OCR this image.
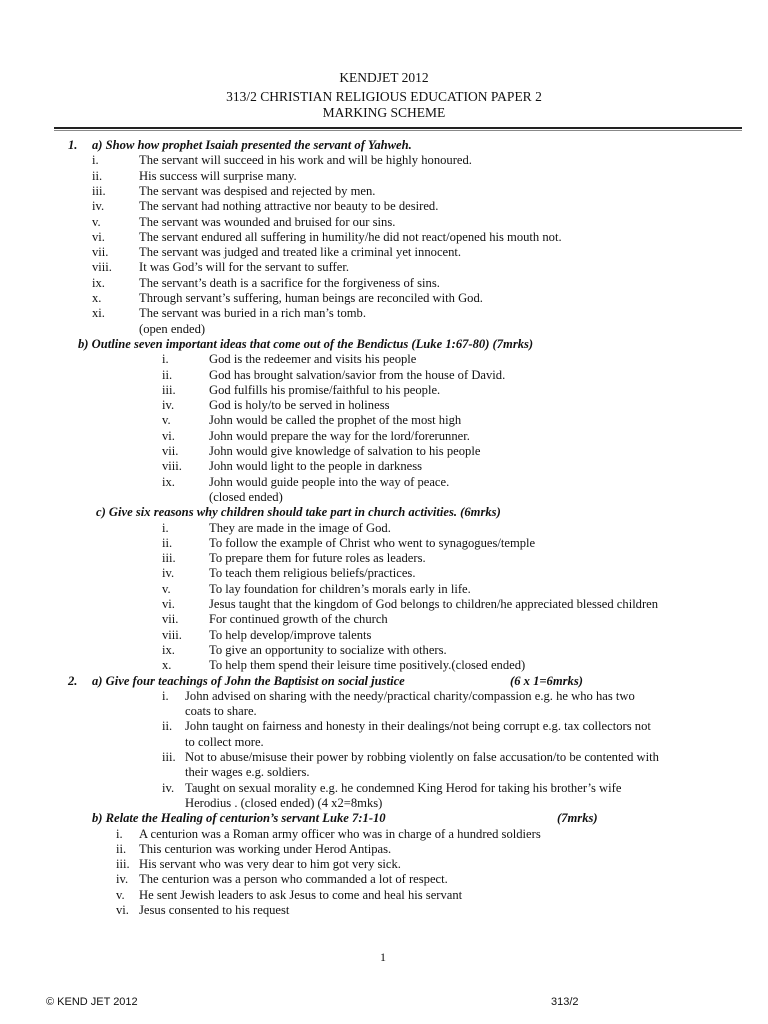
KENDJET 2012
313/2 CHRISTIAN RELIGIOUS EDUCATION PAPER 2
MARKING SCHEME
1. a) Show how prophet Isaiah presented the servant of Yahweh.
i.	The servant will succeed in his work and will be highly honoured.
ii.	His success will surprise many.
iii.	The servant was despised and rejected by men.
iv.	The servant had nothing attractive nor beauty to be desired.
v.	The servant was wounded and bruised for our sins.
vi.	The servant endured all suffering in humility/he did not react/opened his mouth not.
vii. The servant was judged and treated like a criminal yet innocent.
viii. It was God’s will for the servant to suffer.
ix.	The servant’s death is a sacrifice for the forgiveness of sins.
x.	Through servant’s suffering, human beings are reconciled with God.
xi.	The servant was buried in a rich man’s tomb.
(open ended)
b) Outline seven important ideas that come out of the Bendictus (Luke 1:67-80) (7mrks)
i.	God is the redeemer and visits his people
ii.	God has brought salvation/savior from the house of David.
iii.	God fulfills his promise/faithful to his people.
iv.	God is holy/to be served in holiness
v.	John would be called the prophet of the most high
vi.	John would prepare the way for the lord/forerunner.
vii. John would give knowledge of salvation to his people
viii. John would light to the people in darkness
ix.	John would guide people into the way of peace.
(closed ended)
c) Give six reasons why children should take part in church activities. (6mrks)
i.	They are made in the image of God.
ii.	To follow the example of Christ who went to synagogues/temple
iii.	To prepare them for future roles as leaders.
iv.	To teach them religious beliefs/practices.
v.	To lay foundation for children’s morals early in life.
vi.	Jesus taught that the kingdom of God belongs to children/he appreciated blessed children
vii. For continued growth of the church
viii. To help develop/improve talents
ix.	To give an opportunity to socialize with others.
x.	To help them spend their leisure time positively.(closed ended)
2. a) Give four teachings of John the Baptisist on social justice	(6 x 1=6mrks)
i. John advised on sharing with the needy/practical charity/compassion e.g. he who has two
coats to share.
ii. John taught on fairness and honesty in their dealings/not being corrupt e.g. tax collectors not
to collect more.
iii. Not to abuse/misuse their power by robbing violently on false accusation/to be contented with
their wages e.g. soldiers.
iv. Taught on sexual morality e.g. he condemned King Herod for taking his brother’s wife
Herodius . (closed ended) (4 x2=8mks)
b) Relate the Healing of centurion’s servant Luke 7:1-10	(7mrks)
i. A centurion was a Roman army officer who was in charge of a hundred soldiers
ii. This centurion was working under Herod Antipas.
iii. His servant who was very dear to him got very sick.
iv. The centurion was a person who commanded a lot of respect.
v. He sent Jewish leaders to ask Jesus to come and heal his servant
vi. Jesus consented to his request
1
© KEND JET 2012	313/2
